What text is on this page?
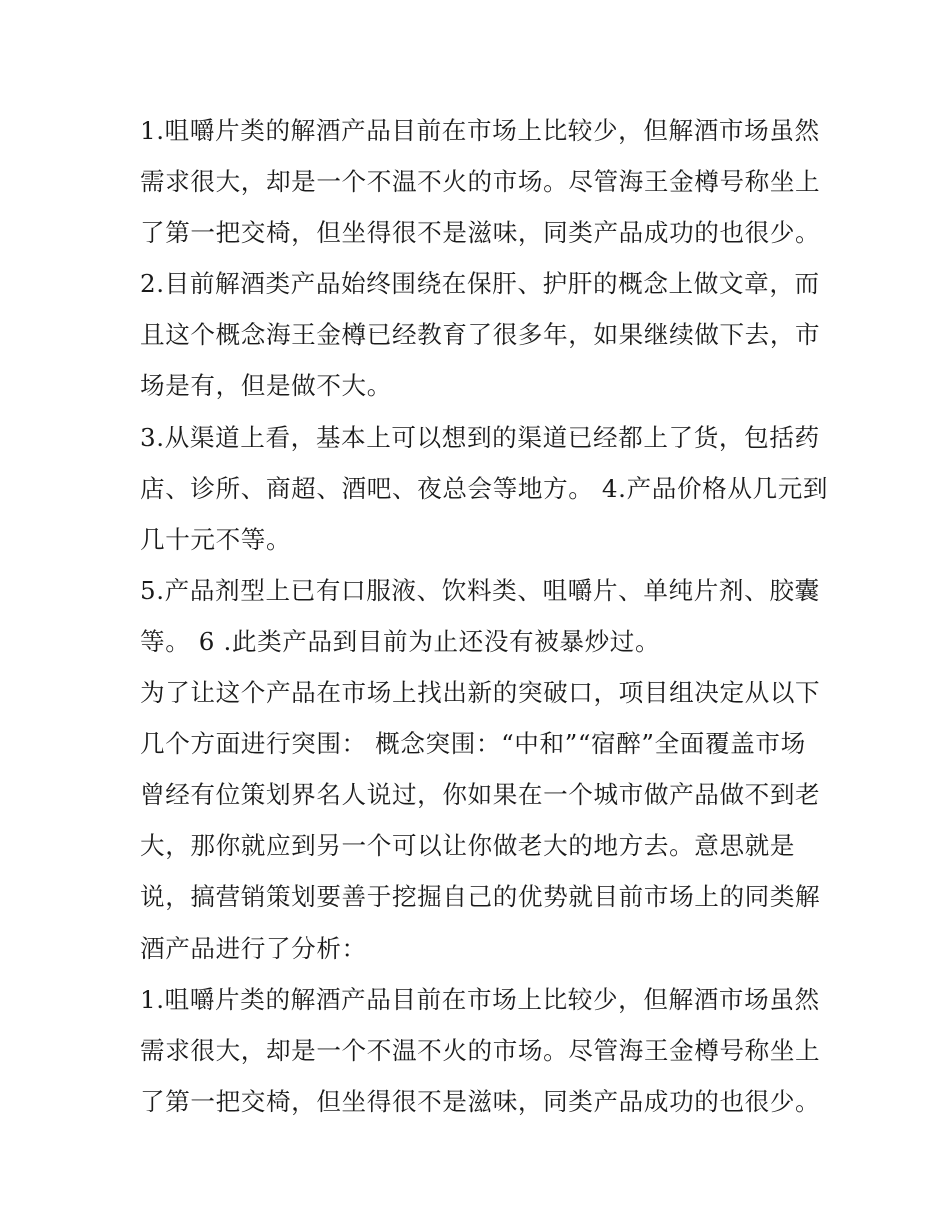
1.咀嚼片类的解酒产品目前在市场上比较少，但解酒市场虽然
需求很大，却是一个不温不火的市场。尽管海王金樽号称坐上
了第一把交椅，但坐得很不是滋味，同类产品成功的也很少。
2.目前解酒类产品始终围绕在保肝、护肝的概念上做文章，而
且这个概念海王金樽已经教育了很多年，如果继续做下去，市
场是有，但是做不大。
3.从渠道上看，基本上可以想到的渠道已经都上了货，包括药
店、诊所、商超、酒吧、夜总会等地方。 4.产品价格从几元到
几十元不等。
5.产品剂型上已有口服液、饮料类、咀嚼片、单纯片剂、胶囊
等。 6 .此类产品到目前为止还没有被暴炒过。
为了让这个产品在市场上找出新的突破口，项目组决定从以下
几个方面进行突围： 概念突围：“中和”“宿醉”全面覆盖市场
曾经有位策划界名人说过，你如果在一个城市做产品做不到老
大，那你就应到另一个可以让你做老大的地方去。意思就是
说，搞营销策划要善于挖掘自己的优势就目前市场上的同类解
酒产品进行了分析：
1.咀嚼片类的解酒产品目前在市场上比较少，但解酒市场虽然
需求很大，却是一个不温不火的市场。尽管海王金樽号称坐上
了第一把交椅，但坐得很不是滋味，同类产品成功的也很少。
